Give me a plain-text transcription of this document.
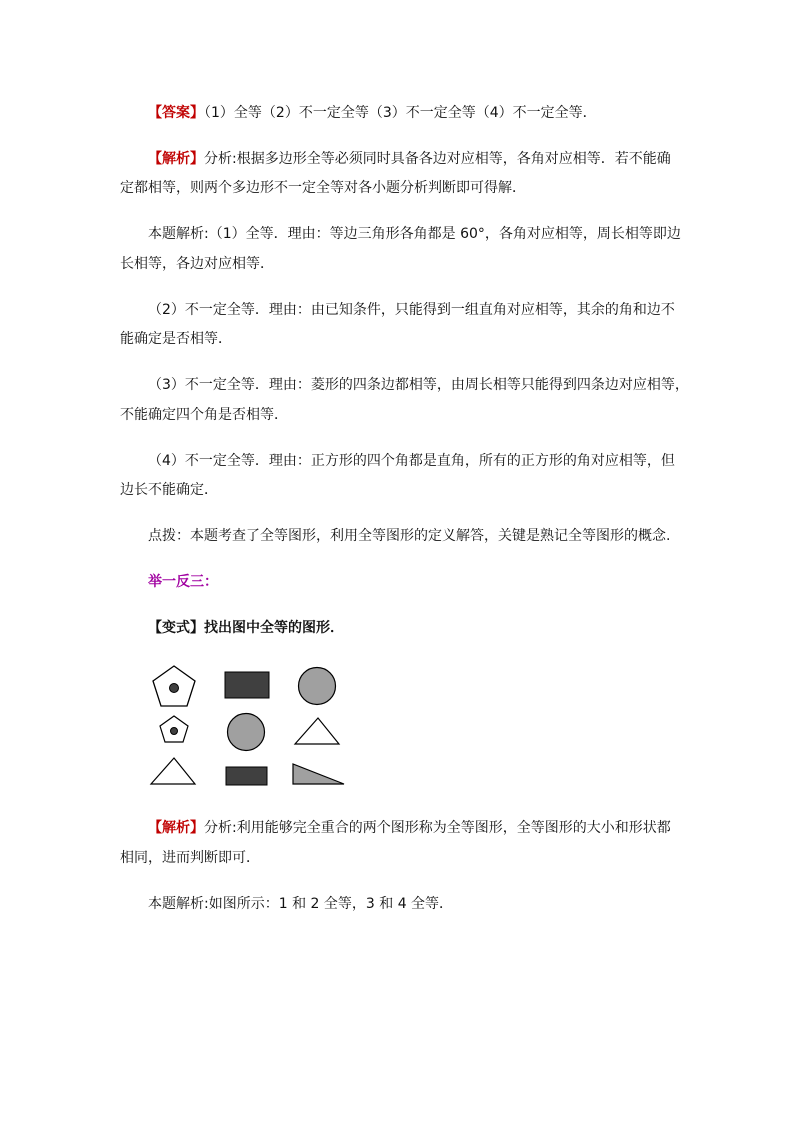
【答案】（1）全等（2）不一定全等（3）不一定全等（4）不一定全等．
【解析】分析:根据多边形全等必须同时具备各边对应相等，各角对应相等．若不能确
定都相等，则两个多边形不一定全等对各小题分析判断即可得解．
本题解析:（1）全等．理由：等边三角形各角都是 60°，各角对应相等，周长相等即边
长相等，各边对应相等．
（2）不一定全等．理由：由已知条件，只能得到一组直角对应相等，其余的角和边不
能确定是否相等．
（3）不一定全等．理由：菱形的四条边都相等，由周长相等只能得到四条边对应相等，
不能确定四个角是否相等．
（4）不一定全等．理由：正方形的四个角都是直角，所有的正方形的角对应相等，但
边长不能确定．
点拨：本题考查了全等图形，利用全等图形的定义解答，关键是熟记全等图形的概念.
举一反三：
【变式】找出图中全等的图形．
【解析】分析:利用能够完全重合的两个图形称为全等图形，全等图形的大小和形状都
相同，进而判断即可．
本题解析:如图所示：1 和 2 全等，3 和 4 全等．
